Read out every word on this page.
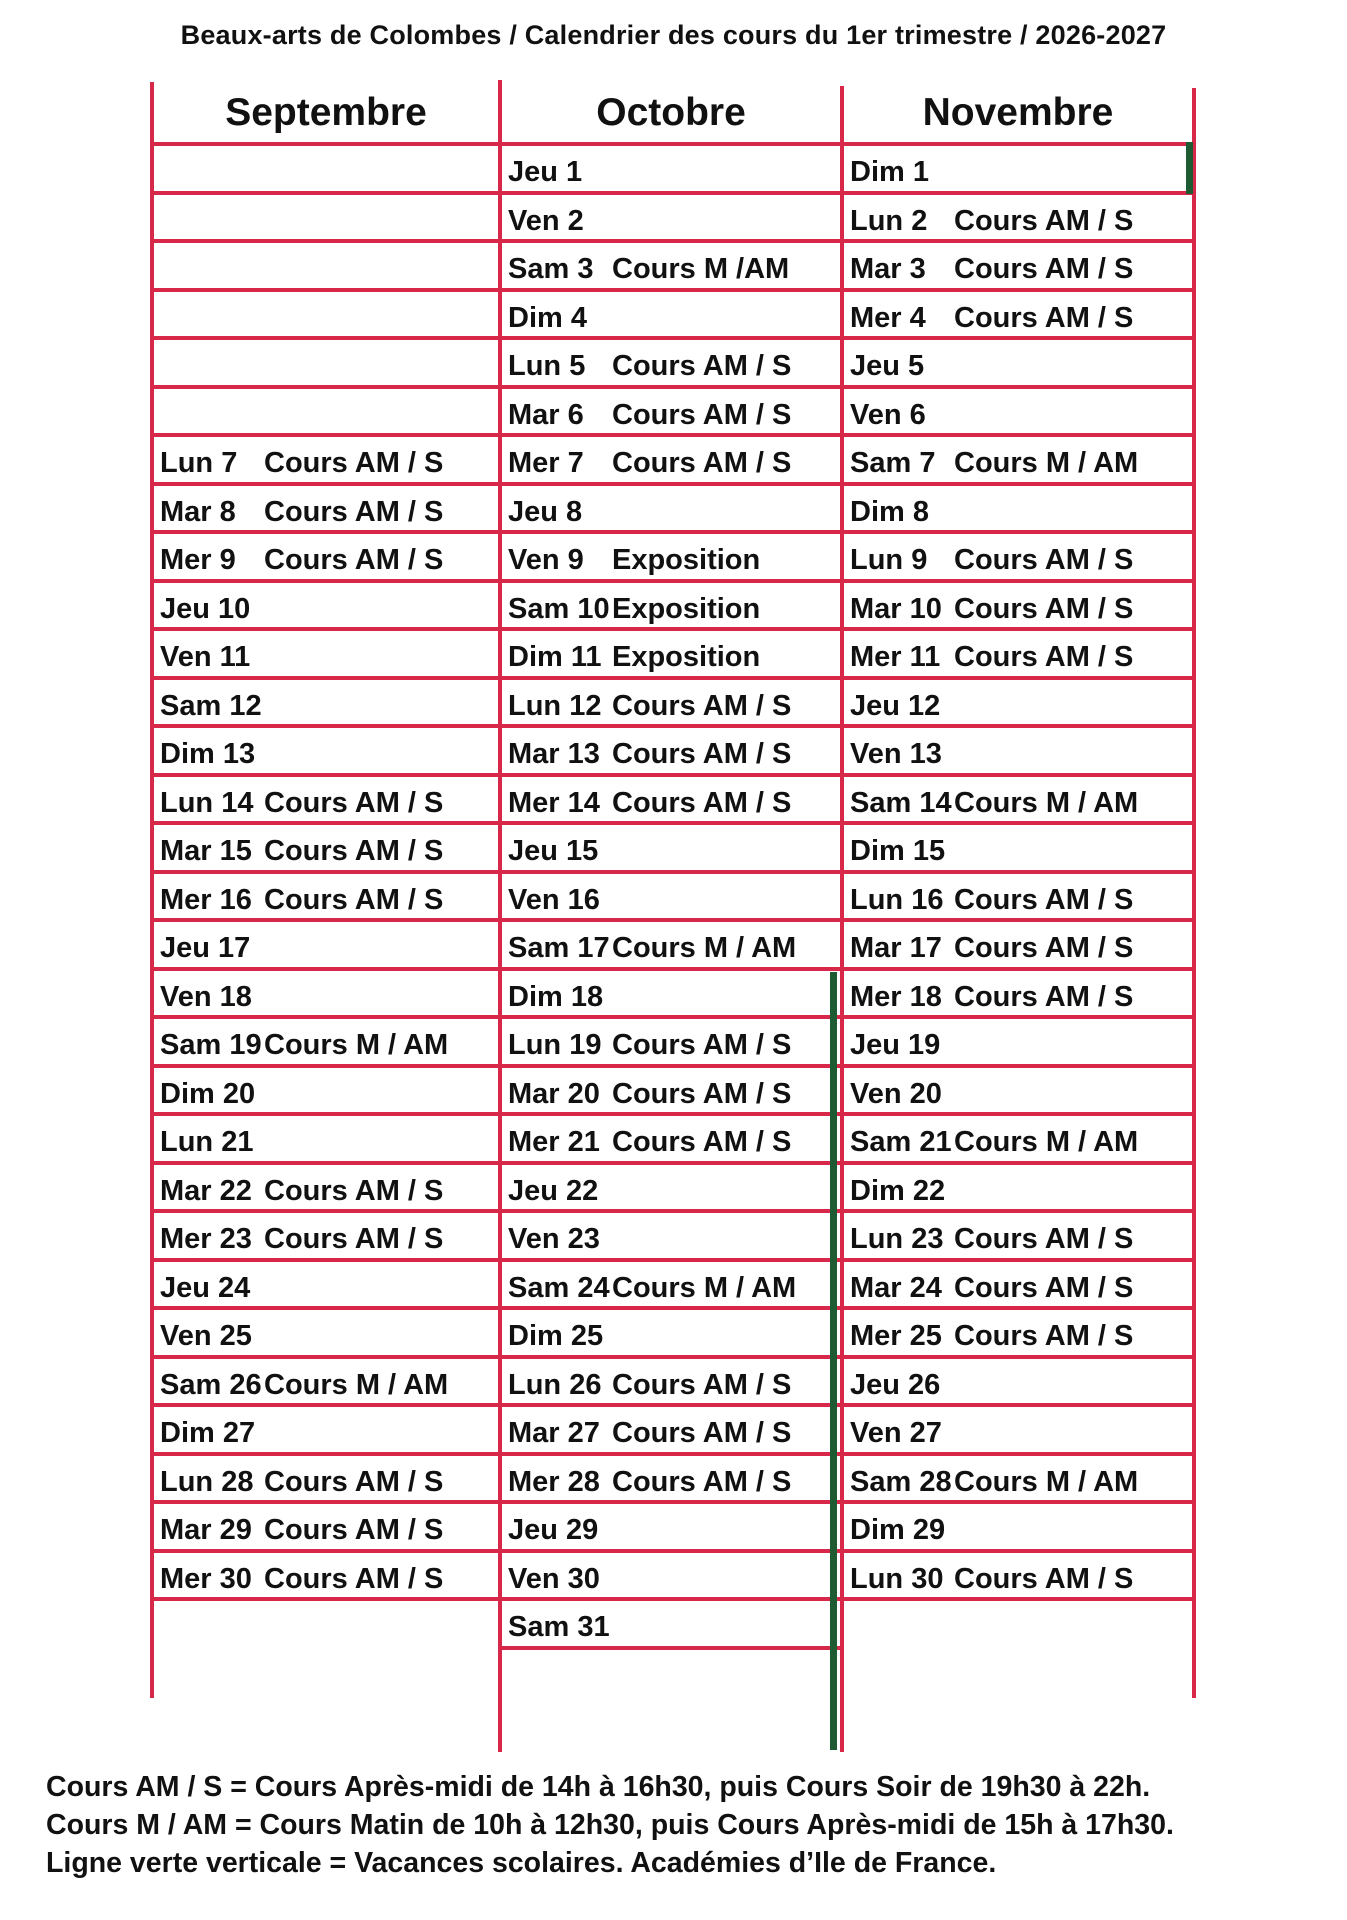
Beaux-arts de Colombes / Calendrier des cours du 1er trimestre / 2026-2027
Septembre
Lun 7 Cours AM / S
Mar 8 Cours AM / S
Mer 9 Cours AM / S
Jeu 10
Ven 11
Sam 12
Dim 13
Lun 14 Cours AM / S
Mar 15 Cours AM / S
Mer 16 Cours AM / S
Jeu 17
Ven 18
Sam 19Cours M / AM
Dim 20
Lun 21
Mar 22 Cours AM / S
Mer 23 Cours AM / S
Jeu 24
Ven 25
Sam 26Cours M / AM
Dim 27
Lun 28 Cours AM / S
Mar 29 Cours AM / S
Mer 30 Cours AM / S
Octobre
Jeu 1
Ven 2
Sam 3 Cours M /AM
Dim 4
Lun 5 Cours AM / S
Mar 6 Cours AM / S
Mer 7 Cours AM / S
Jeu 8
Ven 9 Exposition
Sam 10Exposition
Dim 11 Exposition
Lun 12 Cours AM / S
Mar 13 Cours AM / S
Mer 14 Cours AM / S
Jeu 15
Ven 16
Sam 17Cours M / AM
Dim 18
Lun 19 Cours AM / S
Mar 20 Cours AM / S
Mer 21 Cours AM / S
Jeu 22
Ven 23
Sam 24Cours M / AM
Dim 25
Lun 26 Cours AM / S
Mar 27 Cours AM / S
Mer 28 Cours AM / S
Jeu 29
Ven 30
Sam 31
Novembre
Dim 1
Lun 2 Cours AM / S
Mar 3 Cours AM / S
Mer 4 Cours AM / S
Jeu 5
Ven 6
Sam 7 Cours M / AM
Dim 8
Lun 9 Cours AM / S
Mar 10 Cours AM / S
Mer 11 Cours AM / S
Jeu 12
Ven 13
Sam 14Cours M / AM
Dim 15
Lun 16 Cours AM / S
Mar 17 Cours AM / S
Mer 18 Cours AM / S
Jeu 19
Ven 20
Sam 21Cours M / AM
Dim 22
Lun 23 Cours AM / S
Mar 24 Cours AM / S
Mer 25 Cours AM / S
Jeu 26
Ven 27
Sam 28Cours M / AM
Dim 29
Lun 30 Cours AM / S
Cours AM / S = Cours Après-midi de 14h à 16h30, puis Cours Soir de 19h30 à 22h.
Cours M / AM = Cours Matin de 10h à 12h30, puis Cours Après-midi de 15h à 17h30.
Ligne verte verticale = Vacances scolaires. Académies d’Ile de France.
